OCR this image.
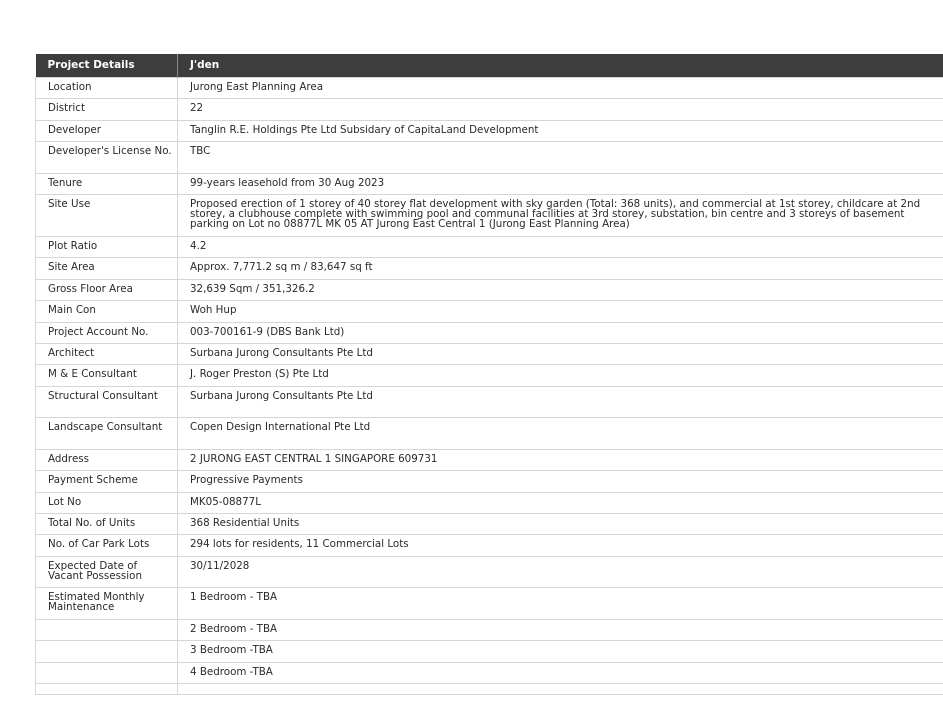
Project Details	J'den
Location	Jurong East Planning Area
District	22
Developer	Tanglin R.E. Holdings Pte Ltd Subsidary of CapitaLand Development
Developer's License No.	TBC
Tenure	99-years leasehold from 30 Aug 2023
Site Use	Proposed erection of 1 storey of 40 storey flat development with sky garden (Total: 368 units), and commercial at 1st storey, childcare at 2nd storey, a clubhouse complete with swimming pool and communal facilities at 3rd storey, substation, bin centre and 3 storeys of basement parking on Lot no 08877L MK 05 AT Jurong East Central 1 (Jurong East Planning Area)
Plot Ratio	4.2
Site Area	Approx. 7,771.2 sq m / 83,647 sq ft
Gross Floor Area	32,639 Sqm / 351,326.2
Main Con	Woh Hup
Project Account No.	003-700161-9 (DBS Bank Ltd)
Architect	Surbana Jurong Consultants Pte Ltd
M & E Consultant	J. Roger Preston (S) Pte Ltd
Structural Consultant	Surbana Jurong Consultants Pte Ltd
Landscape Consultant	Copen Design International Pte Ltd
Address	2 JURONG EAST CENTRAL 1 SINGAPORE 609731
Payment Scheme	Progressive Payments
Lot No	MK05-08877L
Total No. of Units	368 Residential Units
No. of Car Park Lots	294 lots for residents, 11 Commercial Lots
Expected Date of Vacant Possession	30/11/2028
Estimated Monthly Maintenance	1 Bedroom - TBA
	2 Bedroom - TBA
	3 Bedroom -TBA
	4 Bedroom -TBA
